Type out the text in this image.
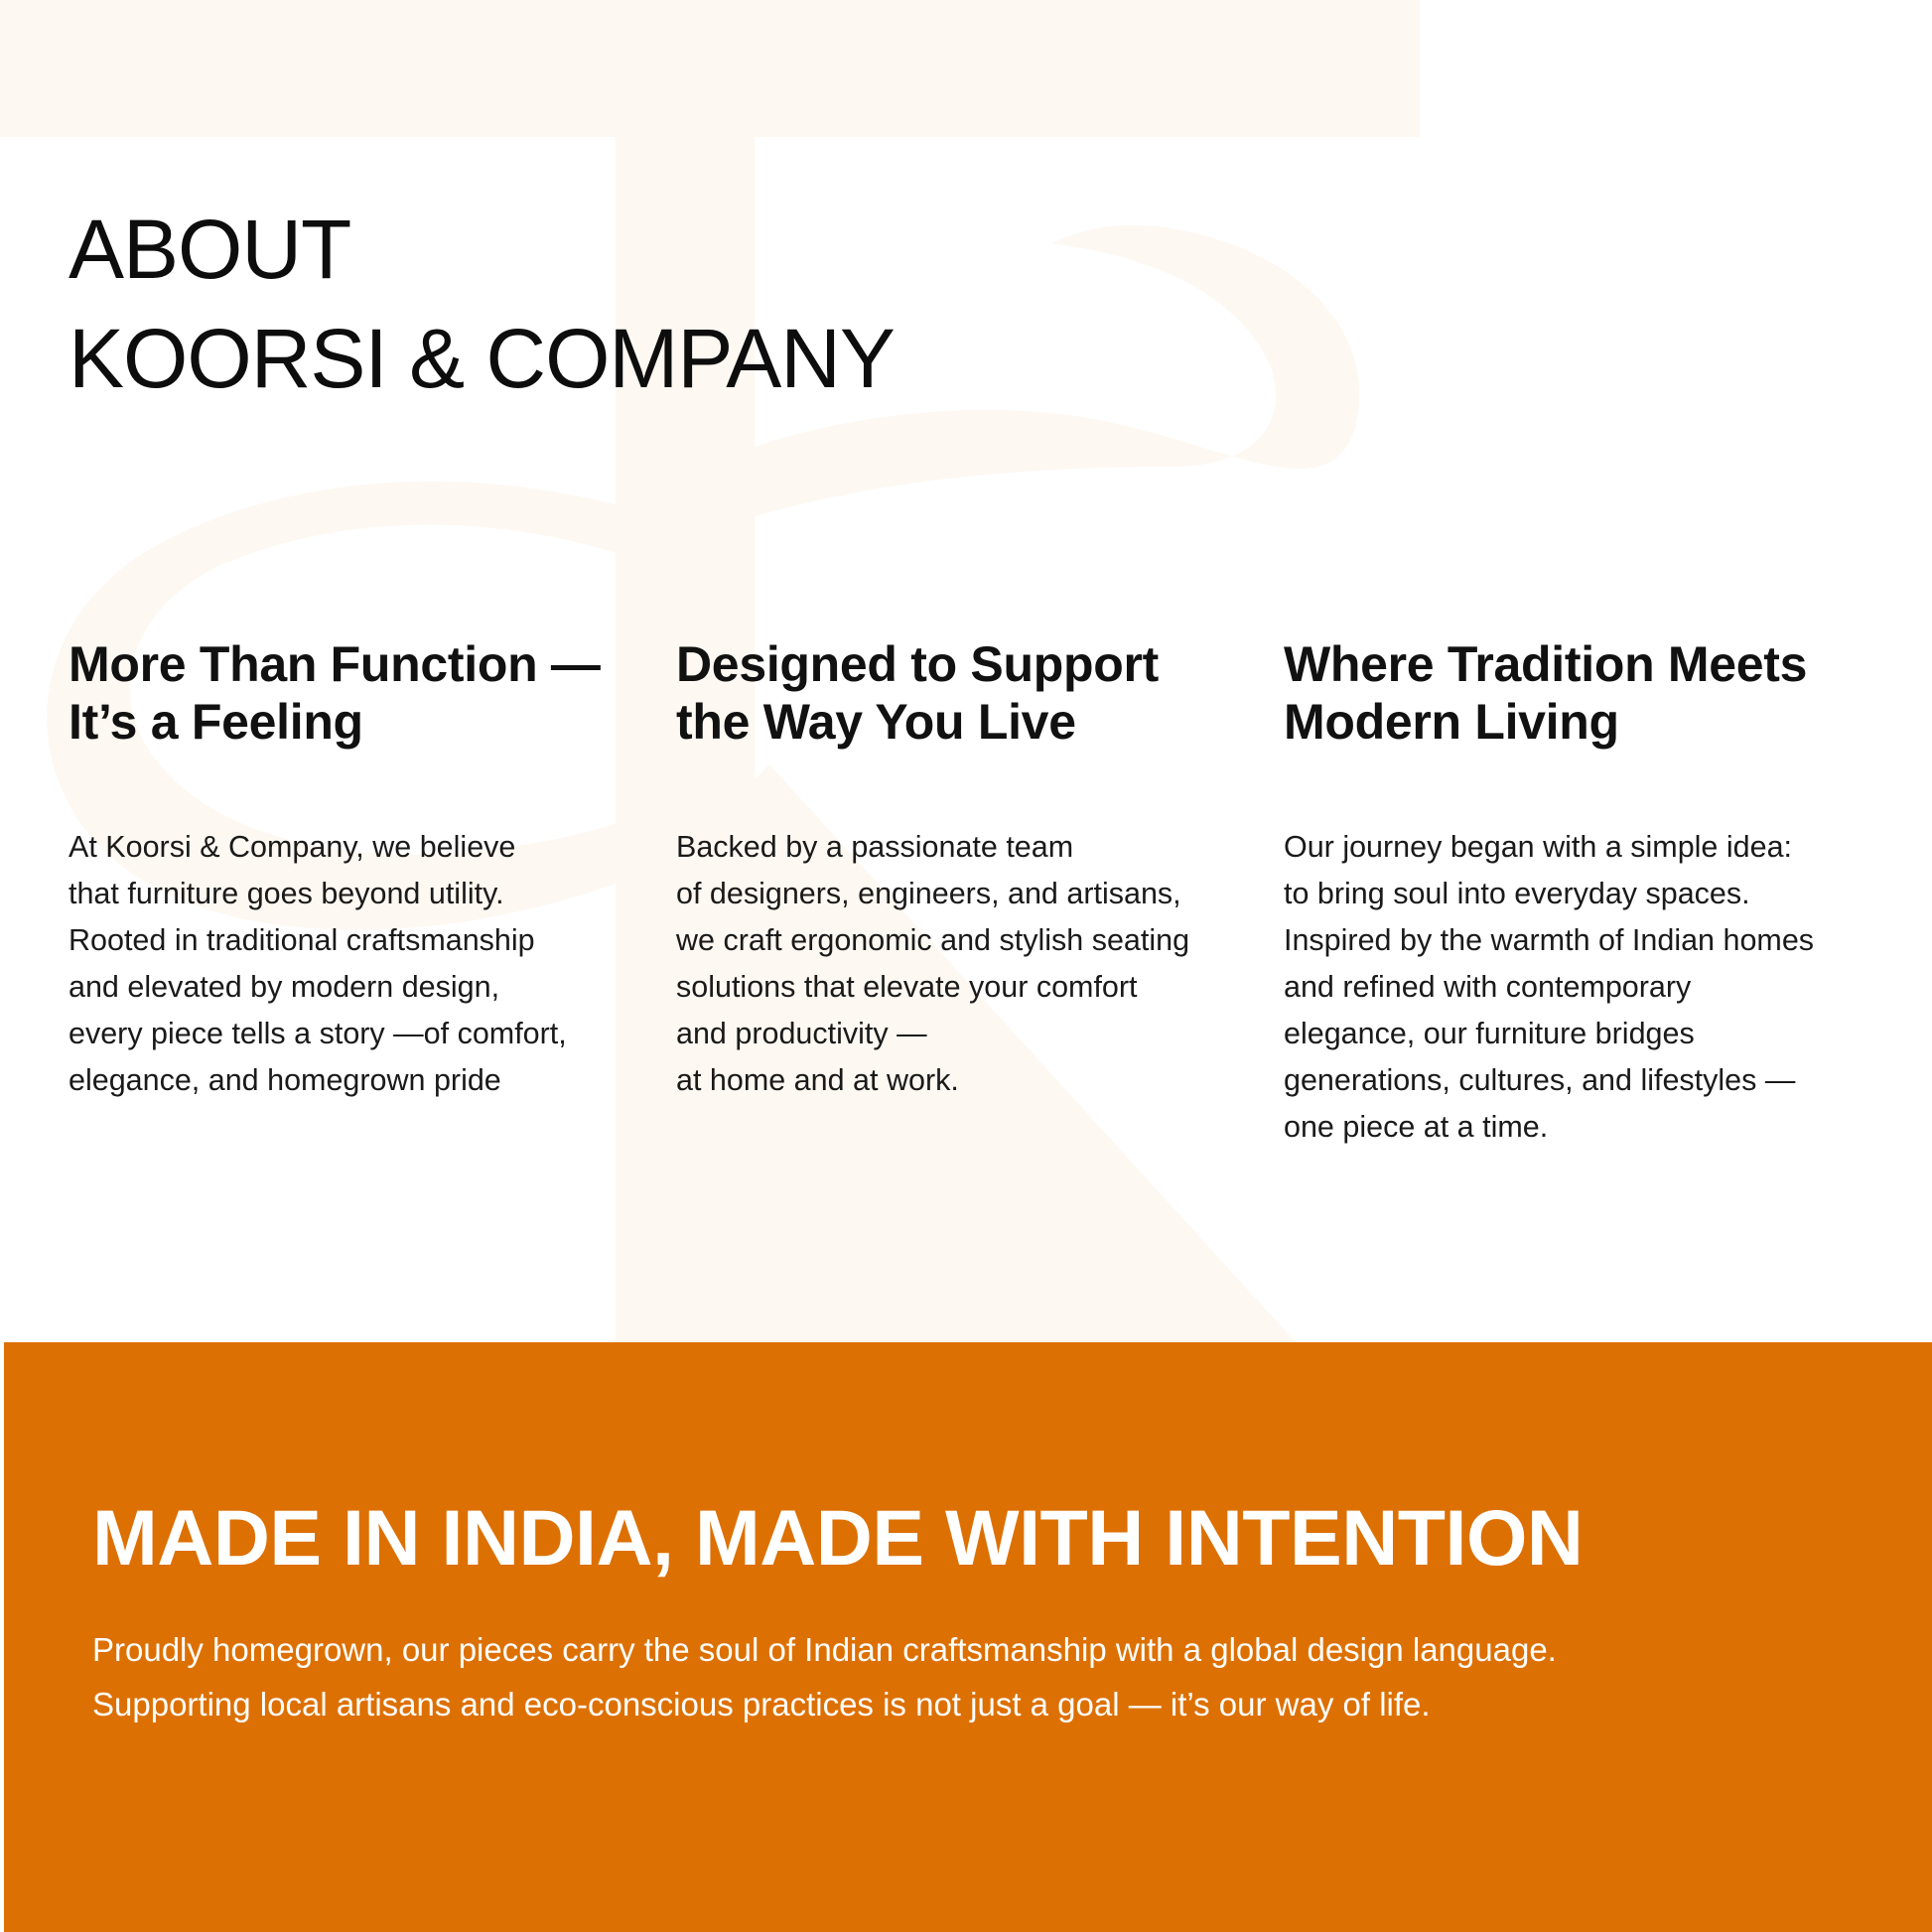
ABOUT
KOORSI & COMPANY
More Than Function —
It’s a Feeling

At Koorsi & Company, we believe
that furniture goes beyond utility.
Rooted in traditional craftsmanship
and elevated by modern design,
every piece tells a story —of comfort,
elegance, and homegrown pride

Designed to Support
the Way You Live

Backed by a passionate team
of designers, engineers, and artisans,
we craft ergonomic and stylish seating
solutions that elevate your comfort
and productivity —
at home and at work.

Where Tradition Meets
Modern Living

Our journey began with a simple idea:
to bring soul into everyday spaces.
Inspired by the warmth of Indian homes
and refined with contemporary
elegance, our furniture bridges
generations, cultures, and lifestyles —
one piece at a time.

MADE IN INDIA, MADE WITH INTENTION

Proudly homegrown, our pieces carry the soul of Indian craftsmanship with a global design language.
Supporting local artisans and eco-conscious practices is not just a goal — it’s our way of life.
